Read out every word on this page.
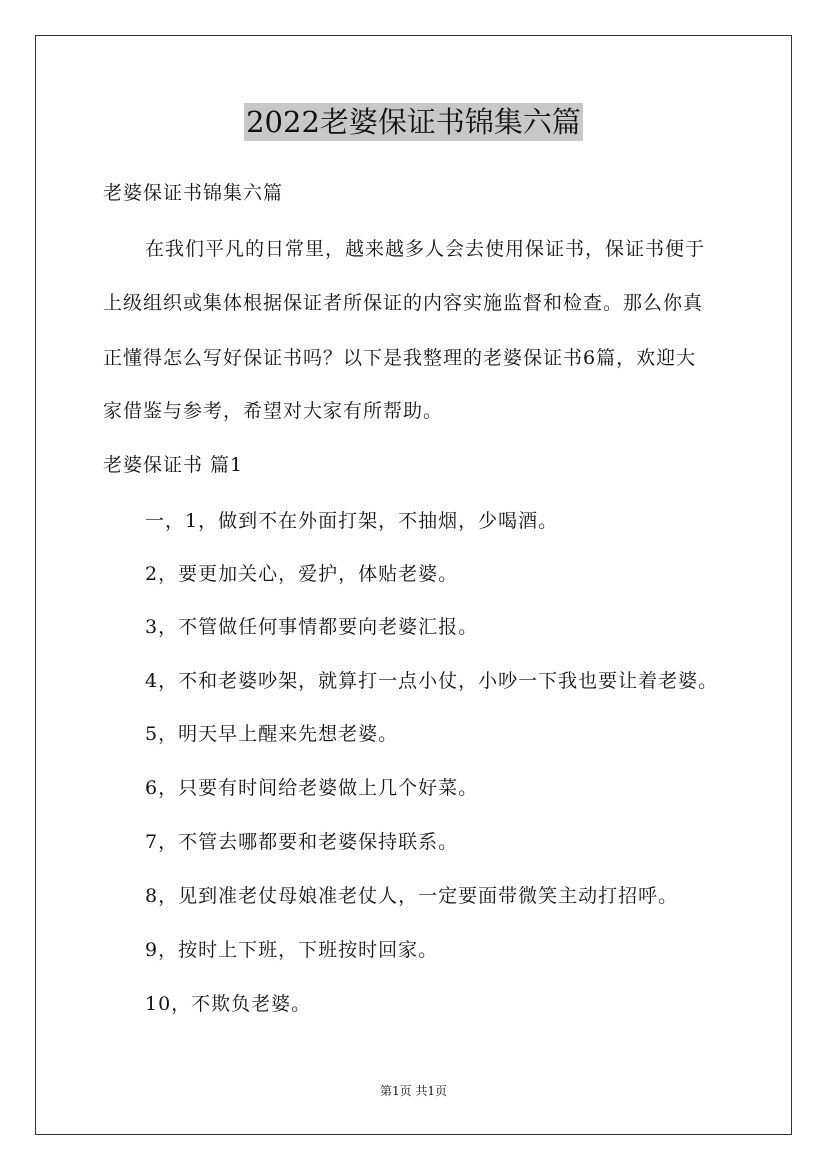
2022老婆保证书锦集六篇
老婆保证书锦集六篇
在我们平凡的日常里，越来越多人会去使用保证书，保证书便于
上级组织或集体根据保证者所保证的内容实施监督和检查。那么你真
正懂得怎么写好保证书吗？以下是我整理的老婆保证书6篇，欢迎大
家借鉴与参考，希望对大家有所帮助。
老婆保证书 篇1
一，1，做到不在外面打架，不抽烟，少喝酒。
2，要更加关心，爱护，体贴老婆。
3，不管做任何事情都要向老婆汇报。
4，不和老婆吵架，就算打一点小仗，小吵一下我也要让着老婆。
5，明天早上醒来先想老婆。
6，只要有时间给老婆做上几个好菜。
7，不管去哪都要和老婆保持联系。
8，见到准老仗母娘准老仗人，一定要面带微笑主动打招呼。
9，按时上下班，下班按时回家。
10，不欺负老婆。
第1页 共1页
